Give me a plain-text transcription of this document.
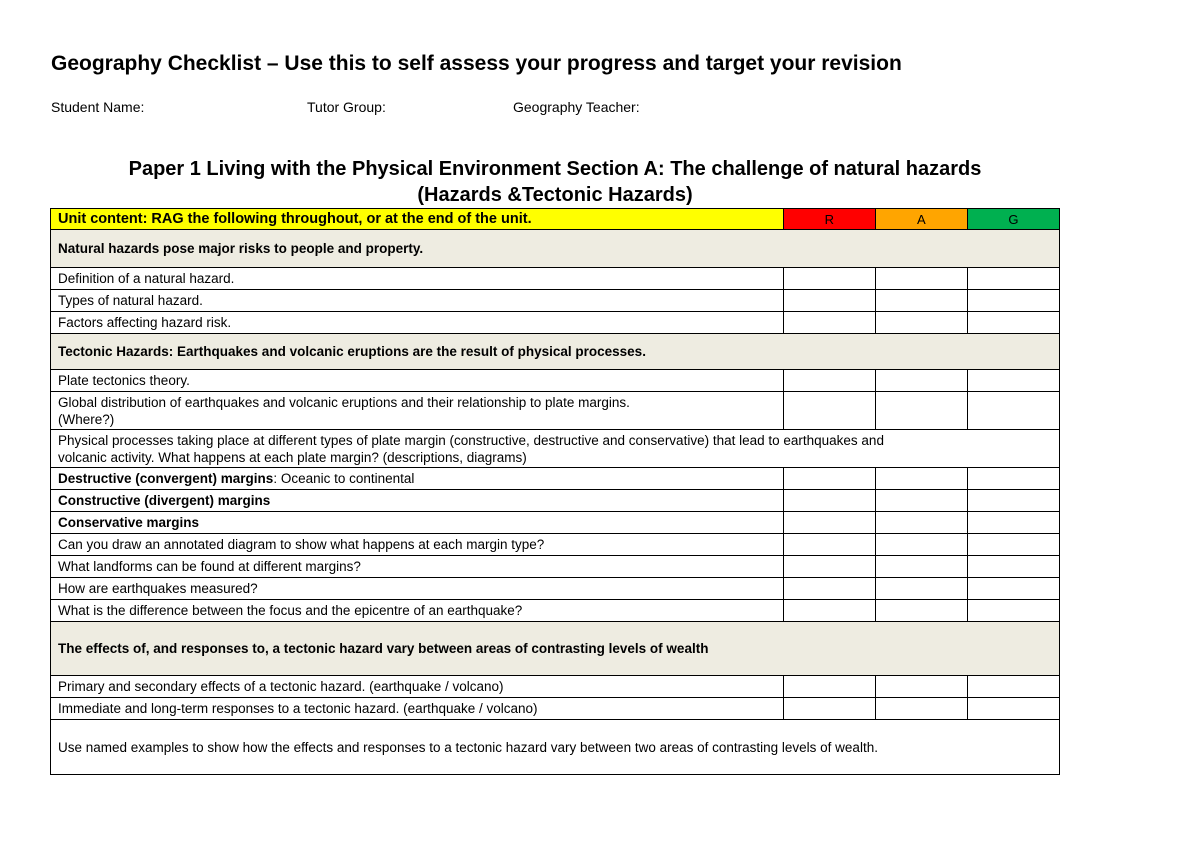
Geography Checklist – Use this to self assess your progress and target your revision
Student Name:	Tutor Group:	Geography Teacher:
Paper 1 Living with the Physical Environment Section A: The challenge of natural hazards
(Hazards &Tectonic Hazards)
Unit content: RAG the following throughout, or at the end of the unit.	R	A	G
Natural hazards pose major risks to people and property.			
Definition of a natural hazard.			
Types of natural hazard.			
Factors affecting hazard risk.			
Tectonic Hazards: Earthquakes and volcanic eruptions are the result of physical processes.			
Plate tectonics theory.			
Global distribution of earthquakes and volcanic eruptions and their relationship to plate margins.
(Where?)			
Physical processes taking place at different types of plate margin (constructive, destructive and conservative) that lead to earthquakes and
volcanic activity. What happens at each plate margin? (descriptions, diagrams)			
Destructive (convergent) margins: Oceanic to continental			
Constructive (divergent) margins			
Conservative margins			
Can you draw an annotated diagram to show what happens at each margin type?			
What landforms can be found at different margins?			
How are earthquakes measured?			
What is the difference between the focus and the epicentre of an earthquake?			
The effects of, and responses to, a tectonic hazard vary between areas of contrasting levels of wealth			
Primary and secondary effects of a tectonic hazard. (earthquake / volcano)			
Immediate and long-term responses to a tectonic hazard. (earthquake / volcano)			
Use named examples to show how the effects and responses to a tectonic hazard vary between two areas of contrasting levels of wealth.			
